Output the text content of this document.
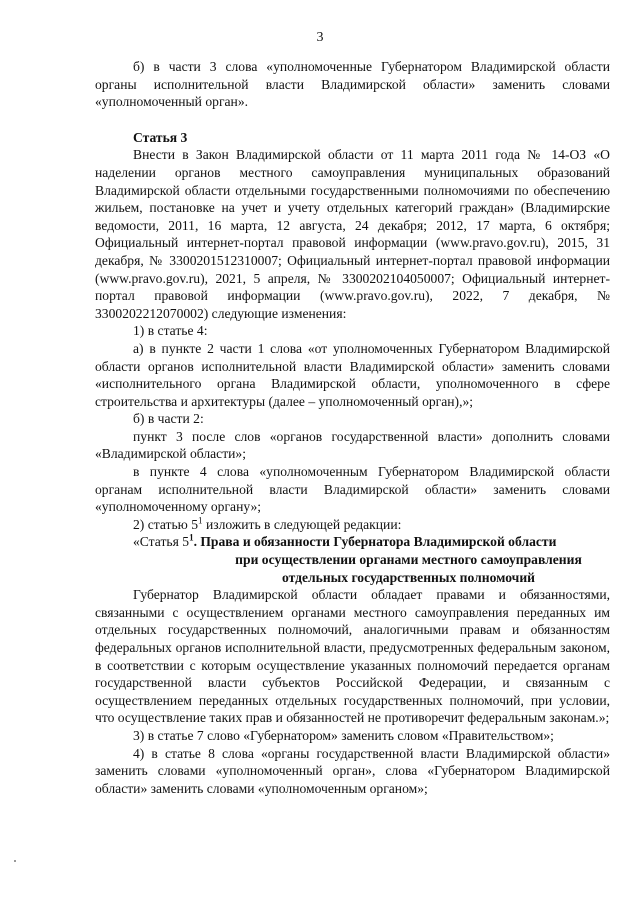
3

б) в части 3 слова «уполномоченные Губернатором Владимирской области органы исполнительной власти Владимирской области» заменить словами «уполномоченный орган».

Статья 3

Внести в Закон Владимирской области от 11 марта 2011 года № 14-ОЗ «О наделении органов местного самоуправления муниципальных образований Владимирской области отдельными государственными полномочиями по обеспечению жильем, постановке на учет и учету отдельных категорий граждан» (Владимирские ведомости, 2011, 16 марта, 12 августа, 24 декабря; 2012, 17 марта, 6 октября; Официальный интернет-портал правовой информации (www.pravo.gov.ru), 2015, 31 декабря, № 3300201512310007; Официальный интернет-портал правовой информации (www.pravo.gov.ru), 2021, 5 апреля, № 3300202104050007; Официальный интернет-портал правовой информации (www.pravo.gov.ru), 2022, 7 декабря, № 3300202212070002) следующие изменения:

1) в статье 4:

а) в пункте 2 части 1 слова «от уполномоченных Губернатором Владимирской области органов исполнительной власти Владимирской области» заменить словами «исполнительного органа Владимирской области, уполномоченного в сфере строительства и архитектуры (далее – уполномоченный орган),»;

б) в части 2:

пункт 3 после слов «органов государственной власти» дополнить словами «Владимирской области»;

в пункте 4 слова «уполномоченным Губернатором Владимирской области органам исполнительной власти Владимирской области» заменить словами «уполномоченному органу»;

2) статью $5^1$ изложить в следующей редакции:

«Статья $5^1$. Права и обязанности Губернатора Владимирской области

при осуществлении органами местного самоуправления отдельных государственных полномочий

Губернатор Владимирской области обладает правами и обязанностями, связанными с осуществлением органами местного самоуправления переданных им отдельных государственных полномочий, аналогичными правам и обязанностям федеральных органов исполнительной власти, предусмотренных федеральным законом, в соответствии с которым осуществление указанных полномочий передается органам государственной власти субъектов Российской Федерации, и связанным с осуществлением переданных отдельных государственных полномочий, при условии, что осуществление таких прав и обязанностей не противоречит федеральным законам.»;

3) в статье 7 слово «Губернатором» заменить словом «Правительством»;

4) в статье 8 слова «органы государственной власти Владимирской области» заменить словами «уполномоченный орган», слова «Губернатором Владимирской области» заменить словами «уполномоченным органом»;
